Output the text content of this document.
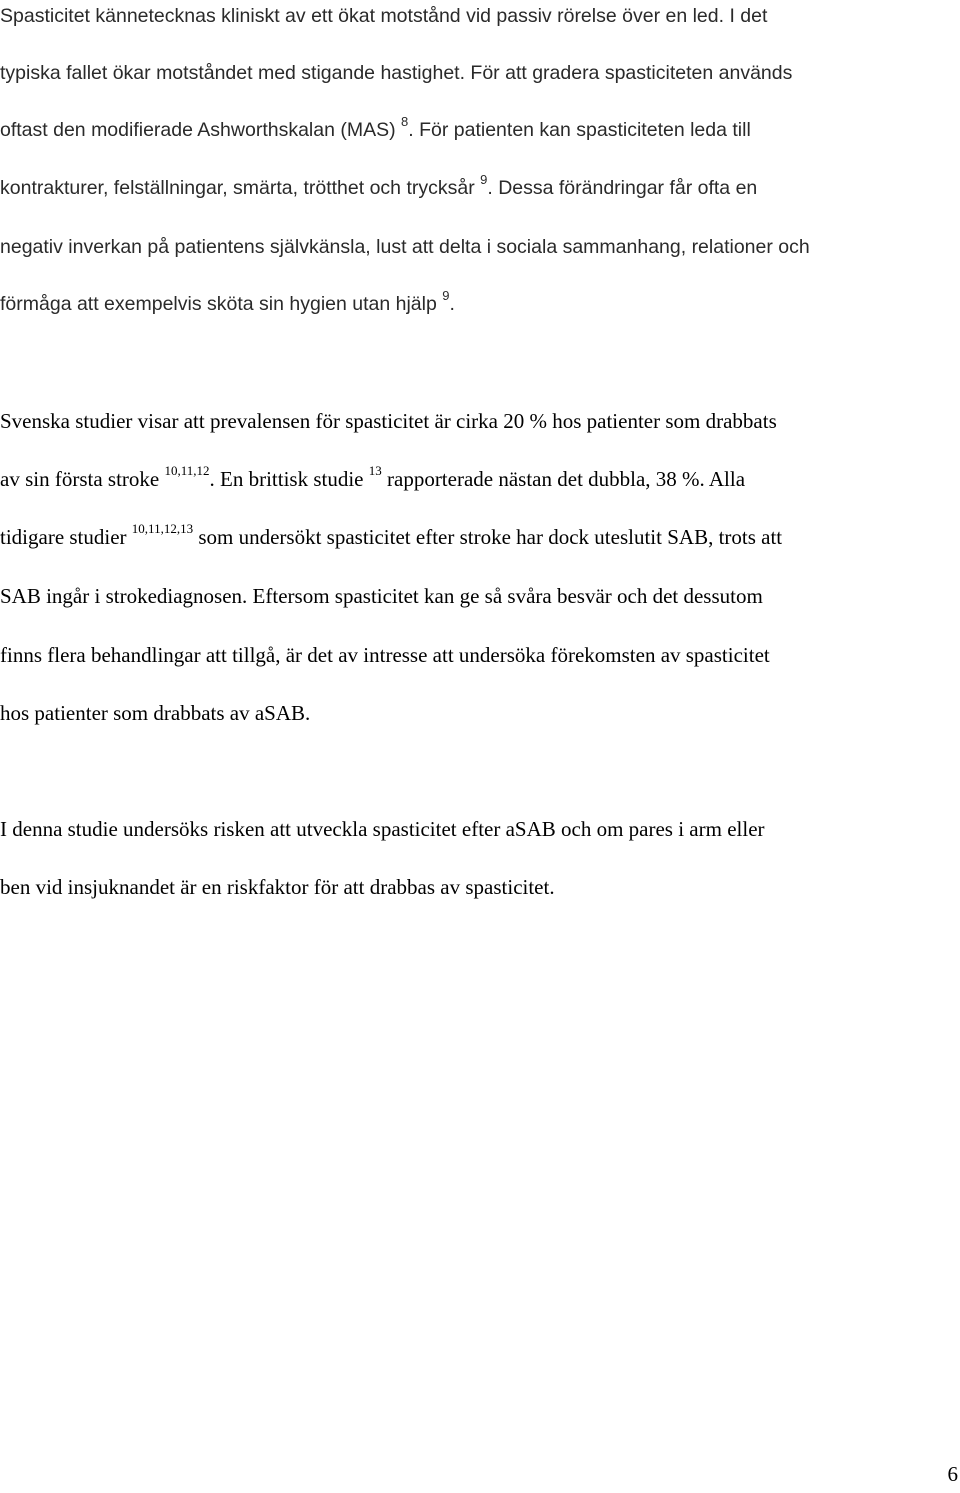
Spasticitet kännetecknas kliniskt av ett ökat motstånd vid passiv rörelse över en led. I det

typiska fallet ökar motståndet med stigande hastighet. För att gradera spasticiteten används

oftast den modifierade Ashworthskalan (MAS) $^8$. För patienten kan spasticiteten leda till

kontrakturer, felställningar, smärta, trötthet och trycksår $^9$. Dessa förändringar får ofta en

negativ inverkan på patientens självkänsla, lust att delta i sociala sammanhang, relationer och

förmåga att exempelvis sköta sin hygien utan hjälp $^9$.

Svenska studier visar att prevalensen för spasticitet är cirka 20 % hos patienter som drabbats

av sin första stroke $^{10,11,12}$. En brittisk studie $^{13}$ rapporterade nästan det dubbla, 38 %. Alla

tidigare studier $^{10,11,12,13}$ som undersökt spasticitet efter stroke har dock uteslutit SAB, trots att

SAB ingår i strokediagnosen. Eftersom spasticitet kan ge så svåra besvär och det dessutom

finns flera behandlingar att tillgå, är det av intresse att undersöka förekomsten av spasticitet

hos patienter som drabbats av aSAB.

I denna studie undersöks risken att utveckla spasticitet efter aSAB och om pares i arm eller

ben vid insjuknandet är en riskfaktor för att drabbas av spasticitet.

6
